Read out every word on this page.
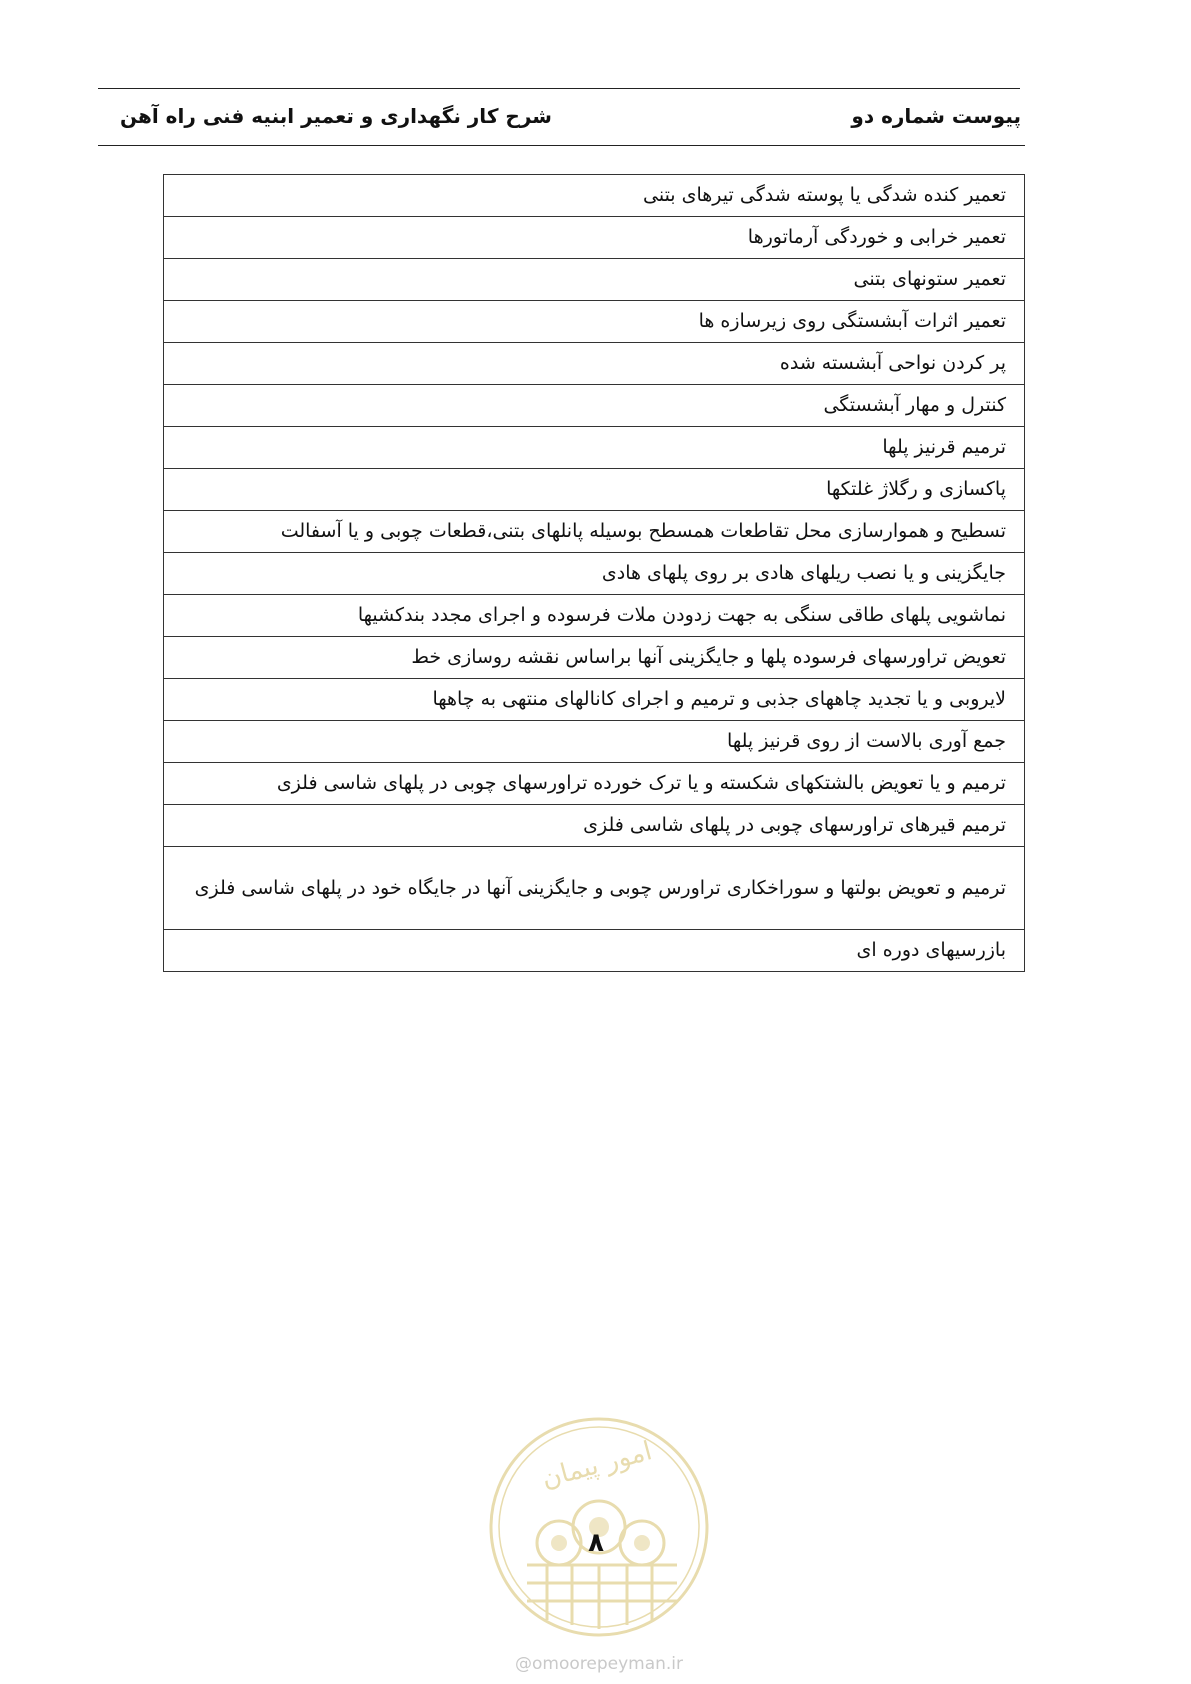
شرح کار نگهداری و تعمیر ابنیه فنی راه آهن	پیوست شماره دو
تعمیر کنده شدگی یا پوسته شدگی تیرهای بتنی
تعمیر خرابی و خوردگی آرماتورها
تعمیر ستونهای بتنی
تعمیر اثرات آبشستگی روی زیرسازه ها
پر کردن نواحی آبشسته شده
کنترل و مهار آبشستگی
ترمیم قرنیز پلها
پاکسازی و رگلاژ غلتکها
تسطیح و هموارسازی محل تقاطعات همسطح بوسیله پانلهای بتنی،قطعات چوبی و یا آسفالت
جایگزینی و یا نصب ریلهای هادی بر روی پلهای هادی
نماشویی پلهای طاقی سنگی به جهت زدودن ملات فرسوده و اجرای مجدد بندکشیها
تعویض تراورسهای فرسوده پلها و جایگزینی آنها براساس نقشه روسازی خط
لایروبی و یا تجدید چاههای جذبی و ترمیم و اجرای کانالهای منتهی به چاهها
جمع آوری بالاست از روی قرنیز پلها
ترمیم و یا تعویض بالشتکهای شکسته و یا ترک خورده تراورسهای چوبی در پلهای شاسی فلزی
ترمیم قیرهای تراورسهای چوبی در پلهای شاسی فلزی
ترمیم و تعویض بولتها و سوراخکاری تراورس چوبی و جایگزینی آنها در جایگاه خود در پلهای شاسی فلزی
بازرسیهای دوره ای
امور پیمان
۸
@omoorepeyman.ir
